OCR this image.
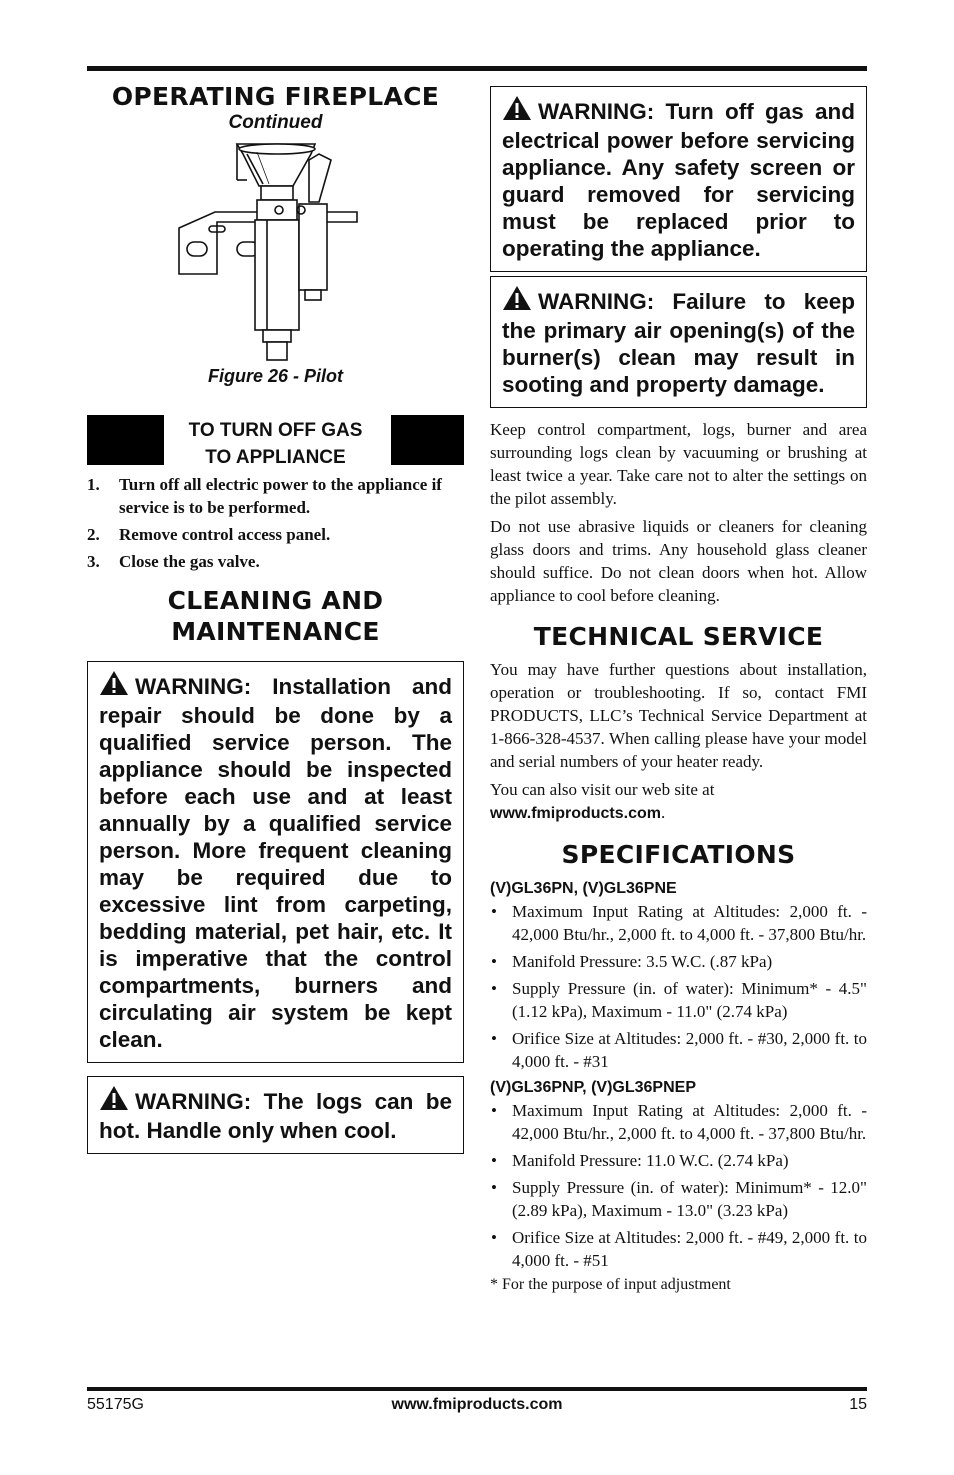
OPERATING FIREPLACE

Continued

Figure 26 - Pilot
TO TURN OFF GAS
TO APPLIANCE
1. Turn off all electric power to the appliance if service is to be performed.
2. Remove control access panel.
3. Close the gas valve.
CLEANING AND
MAINTENANCE
WARNING: Installation and repair should be done by a qualified service person. The appliance should be inspected before each use and at least annually by a qualified service person. More frequent cleaning may be required due to excessive lint from carpeting, bedding material, pet hair, etc. It is imperative that the control compartments, burners and circulating air system be kept clean.
WARNING: The logs can be hot. Handle only when cool.
WARNING: Turn off gas and electrical power before servicing appliance. Any safety screen or guard removed for servicing must be replaced prior to operating the appliance.
WARNING: Failure to keep the primary air opening(s) of the burner(s) clean may result in sooting and property damage.

Keep control compartment, logs, burner and area surrounding logs clean by vacuuming or brushing at least twice a year. Take care not to alter the settings on the pilot assembly.

Do not use abrasive liquids or cleaners for cleaning glass doors and trims. Any household glass cleaner should suffice. Do not clean doors when hot. Allow appliance to cool before cleaning.

TECHNICAL SERVICE

You may have further questions about installation, operation or troubleshooting. If so, contact FMI PRODUCTS, LLC’s Technical Service Department at 1-866-328-4537. When calling please have your model and serial numbers of your heater ready.

You can also visit our web site at
www.fmiproducts.com.

SPECIFICATIONS
(V)GL36PN, (V)GL36PNE
• Maximum Input Rating at Altitudes: 2,000 ft. - 42,000 Btu/hr., 2,000 ft. to 4,000 ft. - 37,800 Btu/hr.
• Manifold Pressure: 3.5 W.C. (.87 kPa)
• Supply Pressure (in. of water): Minimum* - 4.5" (1.12 kPa), Maximum - 11.0" (2.74 kPa)
• Orifice Size at Altitudes: 2,000 ft. - #30, 2,000 ft. to 4,000 ft. - #31
(V)GL36PNP, (V)GL36PNEP
• Maximum Input Rating at Altitudes: 2,000 ft. - 42,000 Btu/hr., 2,000 ft. to 4,000 ft. - 37,800 Btu/hr.
• Manifold Pressure: 11.0 W.C. (2.74 kPa)
• Supply Pressure (in. of water): Minimum* - 12.0" (2.89 kPa), Maximum - 13.0" (3.23 kPa)
• Orifice Size at Altitudes: 2,000 ft. - #49, 2,000 ft. to 4,000 ft. - #51
* For the purpose of input adjustment
55175G	www.fmiproducts.com	15
